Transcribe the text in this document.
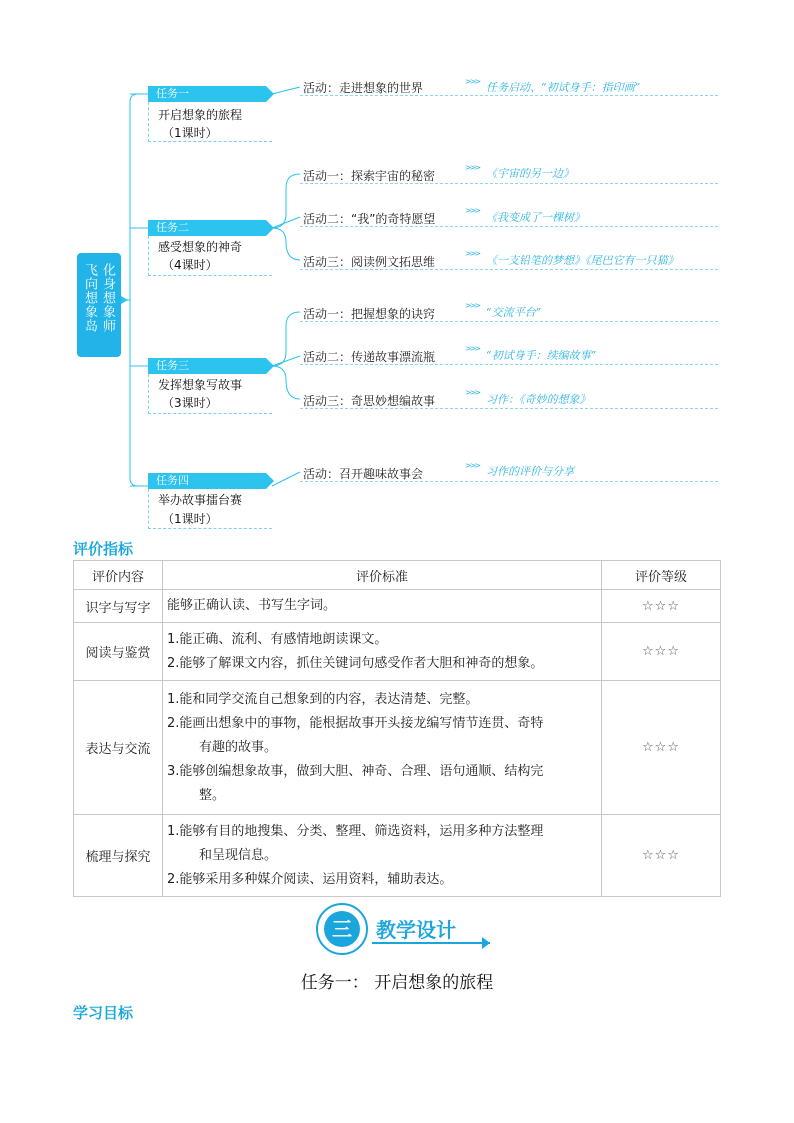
化身想象师
飞向想象岛
任务一
开启想象的旅程
（1课时）
任务二
感受想象的神奇
（4课时）
任务三
发挥想象写故事
（3课时）
任务四
举办故事擂台赛
（1课时）
活动：走进想象的世界	>>> 任务启动、“初试身手：指印画”
活动一：探索宇宙的秘密
>>> 《宇宙的另一边》
活动二：“我”的奇特愿望
>>>
《我变成了一棵树》
活动三：阅读例文拓思维
>>>
《一支铅笔的梦想》《尾巴它有一只猫》
活动一：把握想象的诀窍
>>>
“交流平台”
活动二：传递故事漂流瓶
>>>
“初试身手：续编故事”
活动三：奇思妙想编故事
>>>
习作：《奇妙的想象》
活动：召开趣味故事会
>>> 习作的评价与分享
评价指标
评价内容	评价标准	评价等级
识字与写字	能够正确认读、书写生字词。	☆☆☆
阅读与鉴赏	1.能正确、流利、有感情地朗读课文。
2.能够了解课文内容，抓住关键词句感受作者大胆和神奇的想象。	☆☆☆
表达与交流	1.能和同学交流自己想象到的内容，表达清楚、完整。
2.能画出想象中的事物，能根据故事开头接龙编写情节连贯、奇特
有趣的故事。
3.能够创编想象故事，做到大胆、神奇、合理、语句通顺、结构完
整。	☆☆☆
梳理与探究	1.能够有目的地搜集、分类、整理、筛选资料，运用多种方法整理
和呈现信息。
2.能够采用多种媒介阅读、运用资料，辅助表达。	☆☆☆
三	教学设计
任务一： 开启想象的旅程
学习目标
